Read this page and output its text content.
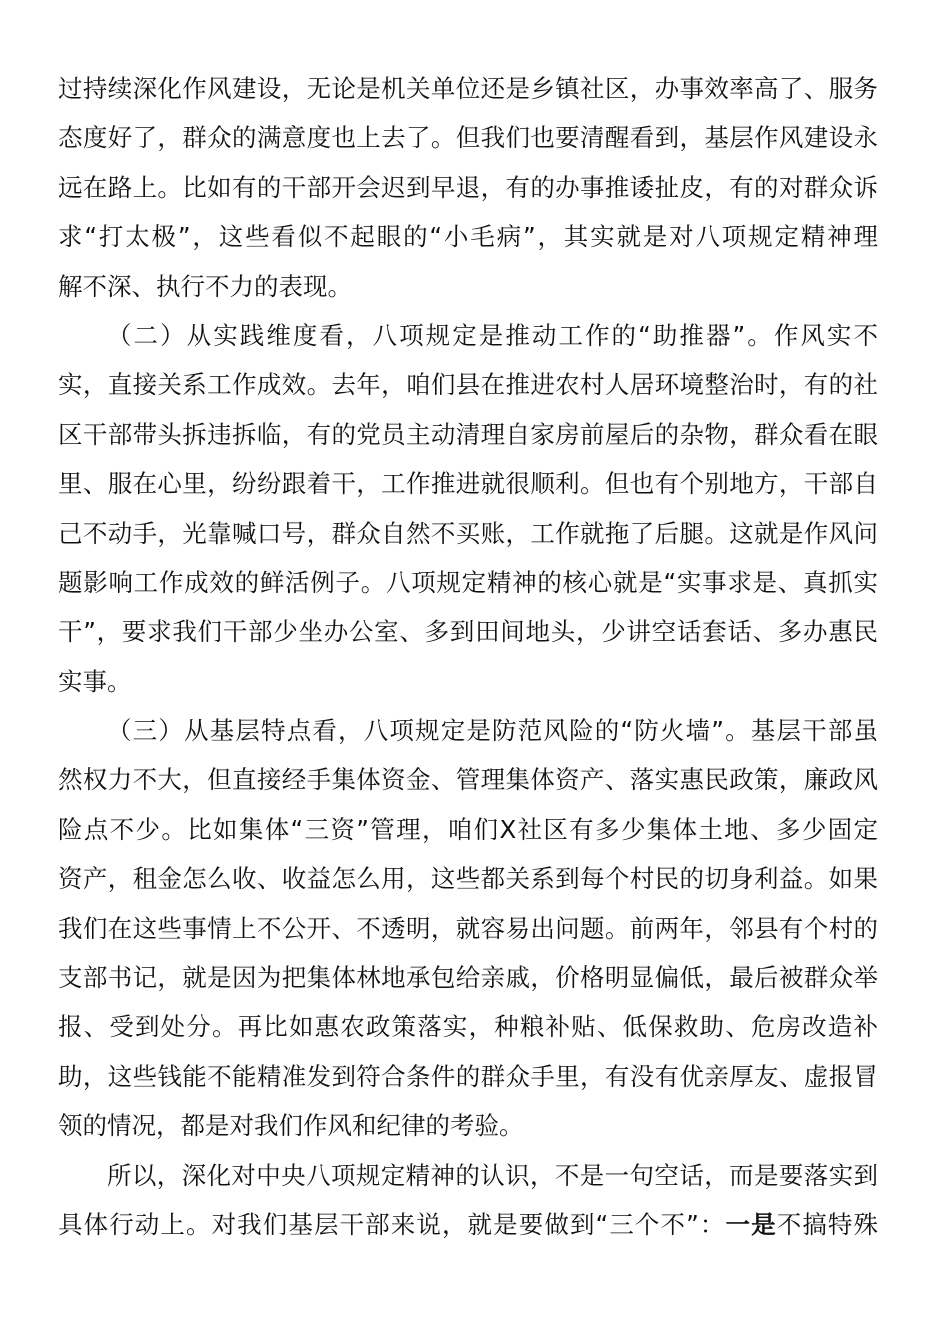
过持续深化作风建设，无论是机关单位还是乡镇社区，办事效率高了、服务
态度好了，群众的满意度也上去了。但我们也要清醒看到，基层作风建设永
远在路上。比如有的干部开会迟到早退，有的办事推诿扯皮，有的对群众诉
求“打太极”，这些看似不起眼的“小毛病”，其实就是对八项规定精神理
解不深、执行不力的表现。
（二）从实践维度看，八项规定是推动工作的“助推器”。作风实不
实，直接关系工作成效。去年，咱们县在推进农村人居环境整治时，有的社
区干部带头拆违拆临，有的党员主动清理自家房前屋后的杂物，群众看在眼
里、服在心里，纷纷跟着干，工作推进就很顺利。但也有个别地方，干部自
己不动手，光靠喊口号，群众自然不买账，工作就拖了后腿。这就是作风问
题影响工作成效的鲜活例子。八项规定精神的核心就是“实事求是、真抓实
干”，要求我们干部少坐办公室、多到田间地头，少讲空话套话、多办惠民
实事。
（三）从基层特点看，八项规定是防范风险的“防火墙”。基层干部虽
然权力不大，但直接经手集体资金、管理集体资产、落实惠民政策，廉政风
险点不少。比如集体“三资”管理，咱们X社区有多少集体土地、多少固定
资产，租金怎么收、收益怎么用，这些都关系到每个村民的切身利益。如果
我们在这些事情上不公开、不透明，就容易出问题。前两年，邻县有个村的
支部书记，就是因为把集体林地承包给亲戚，价格明显偏低，最后被群众举
报、受到处分。再比如惠农政策落实，种粮补贴、低保救助、危房改造补
助，这些钱能不能精准发到符合条件的群众手里，有没有优亲厚友、虚报冒
领的情况，都是对我们作风和纪律的考验。
所以，深化对中央八项规定精神的认识，不是一句空话，而是要落实到
具体行动上。对我们基层干部来说，就是要做到“三个不”：一是不搞特殊
